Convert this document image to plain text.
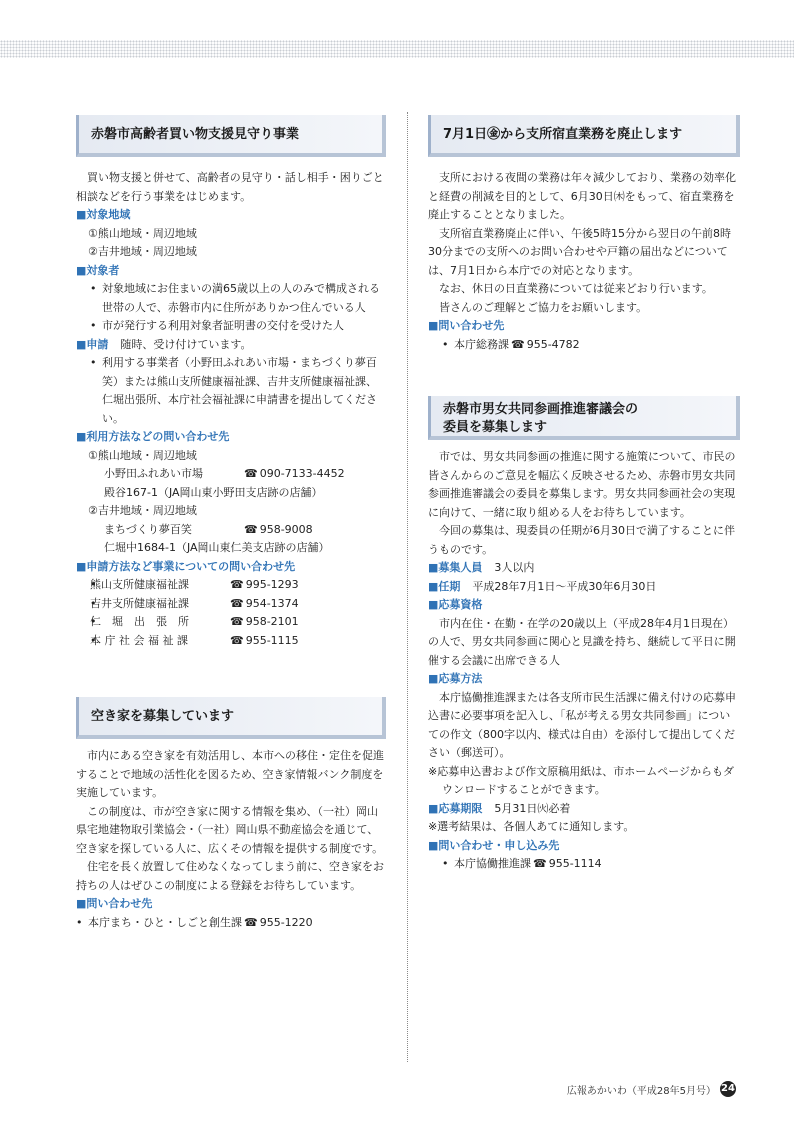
赤磐市高齢者買い物支援見守り事業

買い物支援と併せて、高齢者の見守り・話し相手・困りごと相談などを行う事業をはじめます。

■ 対象地域

①熊山地域・周辺地域

②吉井地域・周辺地域

■ 対象者

• 対象地域にお住まいの満65歳以上の人のみで構成される世帯の人で、赤磐市内に住所がありかつ住んでいる人

• 市が発行する利用対象者証明書の交付を受けた人

■ 申請 随時、受け付けています。

• 利用する事業者（小野田ふれあい市場・まちづくり夢百笑）または熊山支所健康福祉課、吉井支所健康福祉課、仁堀出張所、本庁社会福祉課に申請書を提出してください。

■ 利用方法などの問い合わせ先

①熊山地域・周辺地域

小野田ふれあい市場	☎ 090-7133-4452

殿谷167-1（JA岡山東小野田支店跡の店舗）

②吉井地域・周辺地域

まちづくり夢百笑	☎ 958-9008

仁堀中1684-1（JA岡山東仁美支店跡の店舗）

■ 申請方法など事業についての問い合わせ先

• 熊山支所健康福祉課	☎ 995-1293

• 吉井支所健康福祉課	☎ 954-1374

• 仁　堀　出　張　所	☎ 958-2101

• 本 庁 社 会 福 祉 課	☎ 955-1115

空き家を募集しています

市内にある空き家を有効活用し、本市への移住・定住を促進することで地域の活性化を図るため、空き家情報バンク制度を実施しています。

この制度は、市が空き家に関する情報を集め、（一社）岡山県宅地建物取引業協会・（一社）岡山県不動産協会を通じて、空き家を探している人に、広くその情報を提供する制度です。

住宅を長く放置して住めなくなってしまう前に、空き家をお持ちの人はぜひこの制度による登録をお待ちしています。

■ 問い合わせ先

• 本庁まち・ひと・しごと創生課 ☎ 955-1220

7月1日㊎から支所宿直業務を廃止します

支所における夜間の業務は年々減少しており、業務の効率化と経費の削減を目的として、6月30日㈭をもって、宿直業務を廃止することとなりました。

支所宿直業務廃止に伴い、午後5時15分から翌日の午前8時30分までの支所へのお問い合わせや戸籍の届出などについては、7月1日から本庁での対応となります。

なお、休日の日直業務については従来どおり行います。

皆さんのご理解とご協力をお願いします。

■ 問い合わせ先

• 本庁総務課 ☎ 955-4782

赤磐市男女共同参画推進審議会の
委員を募集します

市では、男女共同参画の推進に関する施策について、市民の皆さんからのご意見を幅広く反映させるため、赤磐市男女共同参画推進審議会の委員を募集します。男女共同参画社会の実現に向けて、一緒に取り組める人をお待ちしています。

今回の募集は、現委員の任期が6月30日で満了することに伴うものです。

■ 募集人員 3人以内

■ 任期 平成28年7月1日～平成30年6月30日

■ 応募資格

市内在住・在勤・在学の20歳以上（平成28年4月1日現在）の人で、男女共同参画に関心と見識を持ち、継続して平日に開催する会議に出席できる人

■ 応募方法

本庁協働推進課または各支所市民生活課に備え付けの応募申込書に必要事項を記入し、「私が考える男女共同参画」についての作文（800字以内、様式は自由）を添付して提出してください（郵送可）。

※応募申込書および作文原稿用紙は、市ホームページからもダウンロードすることができます。

■ 応募期限 5月31日㈫必着

※選考結果は、各個人あてに通知します。

■ 問い合わせ・申し込み先

• 本庁協働推進課 ☎ 955-1114

広報あかいわ（平成28年5月号） 24
